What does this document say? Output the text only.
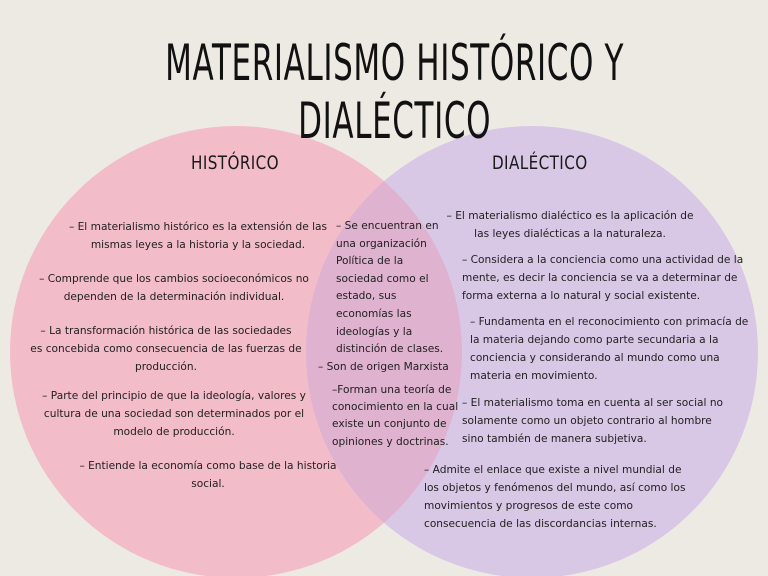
MATERIALISMO HISTÓRICO Y DIALÉCTICO
HISTÓRICO	DIALÉCTICO
– El materialismo histórico es la extensión de las
mismas leyes a la historia y la sociedad.
– Comprende que los cambios socioeconómicos no
dependen de la determinación individual.
– La transformación histórica de las sociedades
es concebida como consecuencia de las fuerzas de
producción.
– Parte del principio de que la ideología, valores y
cultura de una sociedad son determinados por el
modelo de producción.
– Entiende la economía como base de la historia
social.
– Se encuentran en
una organización
Política de la
sociedad como el
estado, sus
economías las
ideologías y la
distinción de clases.
– Son de origen Marxista
–Forman una teoría de
conocimiento en la cual
existe un conjunto de
opiniones y doctrinas.
– El materialismo dialéctico es la aplicación de
las leyes dialécticas a la naturaleza.
– Considera a la conciencia como una actividad de la
mente, es decir la conciencia se va a determinar de
forma externa a lo natural y social existente.
– Fundamenta en el reconocimiento con primacía de
la materia dejando como parte secundaria a la
conciencia y considerando al mundo como una
materia en movimiento.
– El materialismo toma en cuenta al ser social no
solamente como un objeto contrario al hombre
sino también de manera subjetiva.
– Admite el enlace que existe a nivel mundial de
los objetos y fenómenos del mundo, así como los
movimientos y progresos de este como
consecuencia de las discordancias internas.
